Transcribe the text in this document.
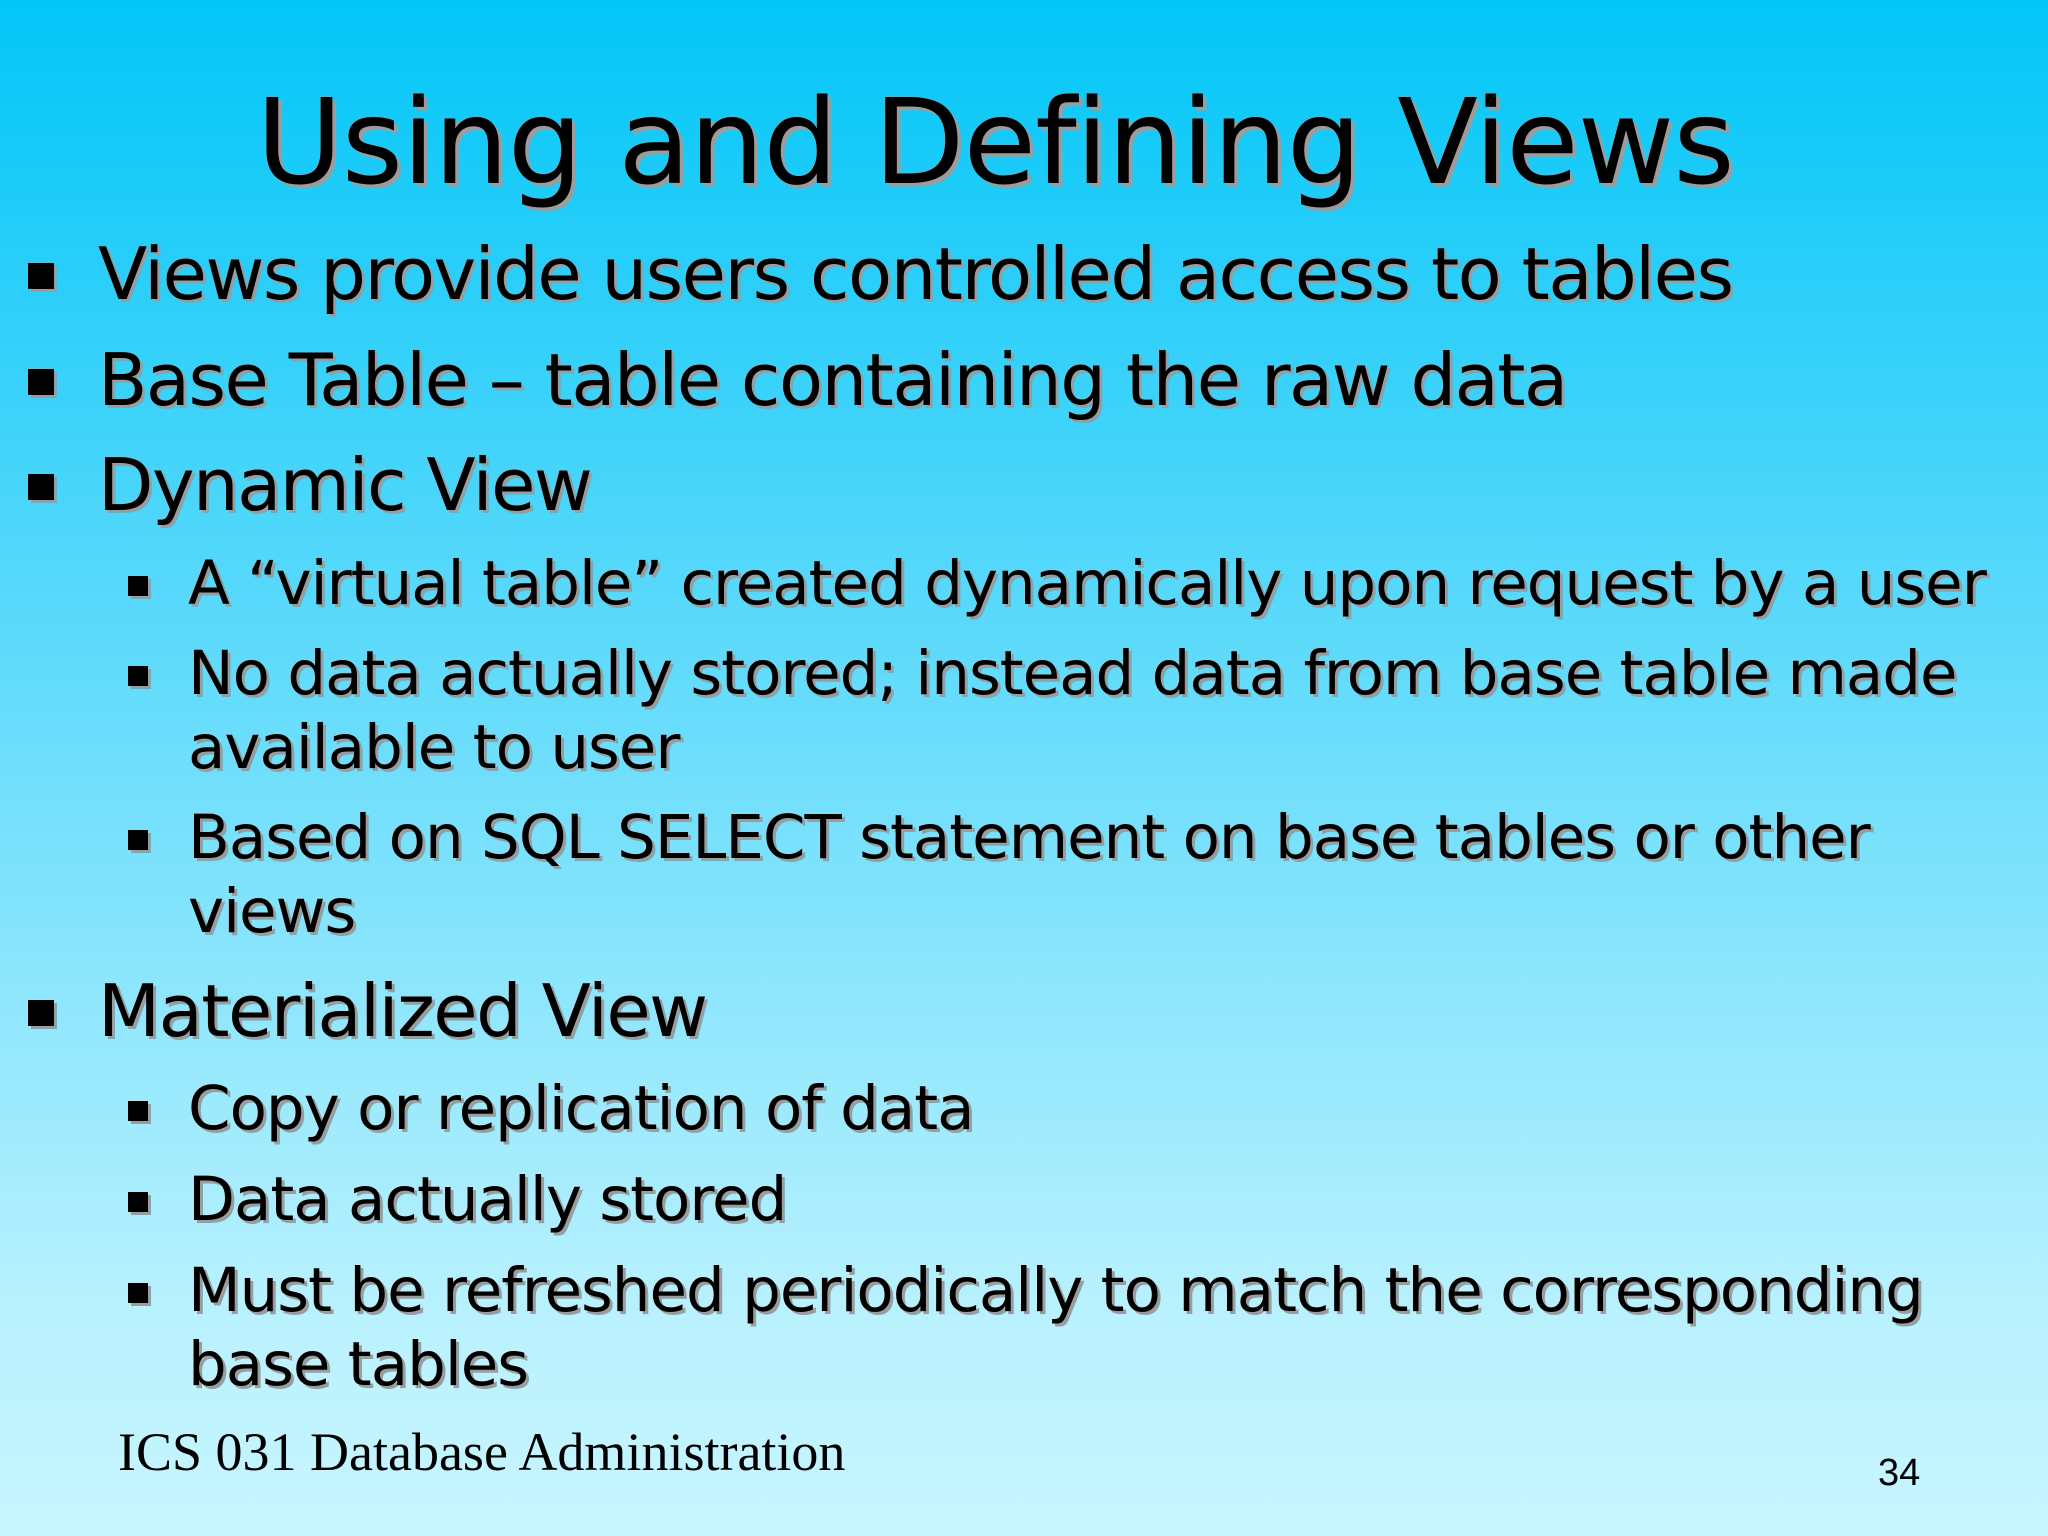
Using and Defining Views
Views provide users controlled access to tables
Base Table – table containing the raw data
Dynamic View
A “virtual table” created dynamically upon request by a user
No data actually stored; instead data from base table made
available to user
Based on SQL SELECT statement on base tables or other
views
Materialized View
Copy or replication of data
Data actually stored
Must be refreshed periodically to match the corresponding
base tables
ICS 031 Database Administration	34
